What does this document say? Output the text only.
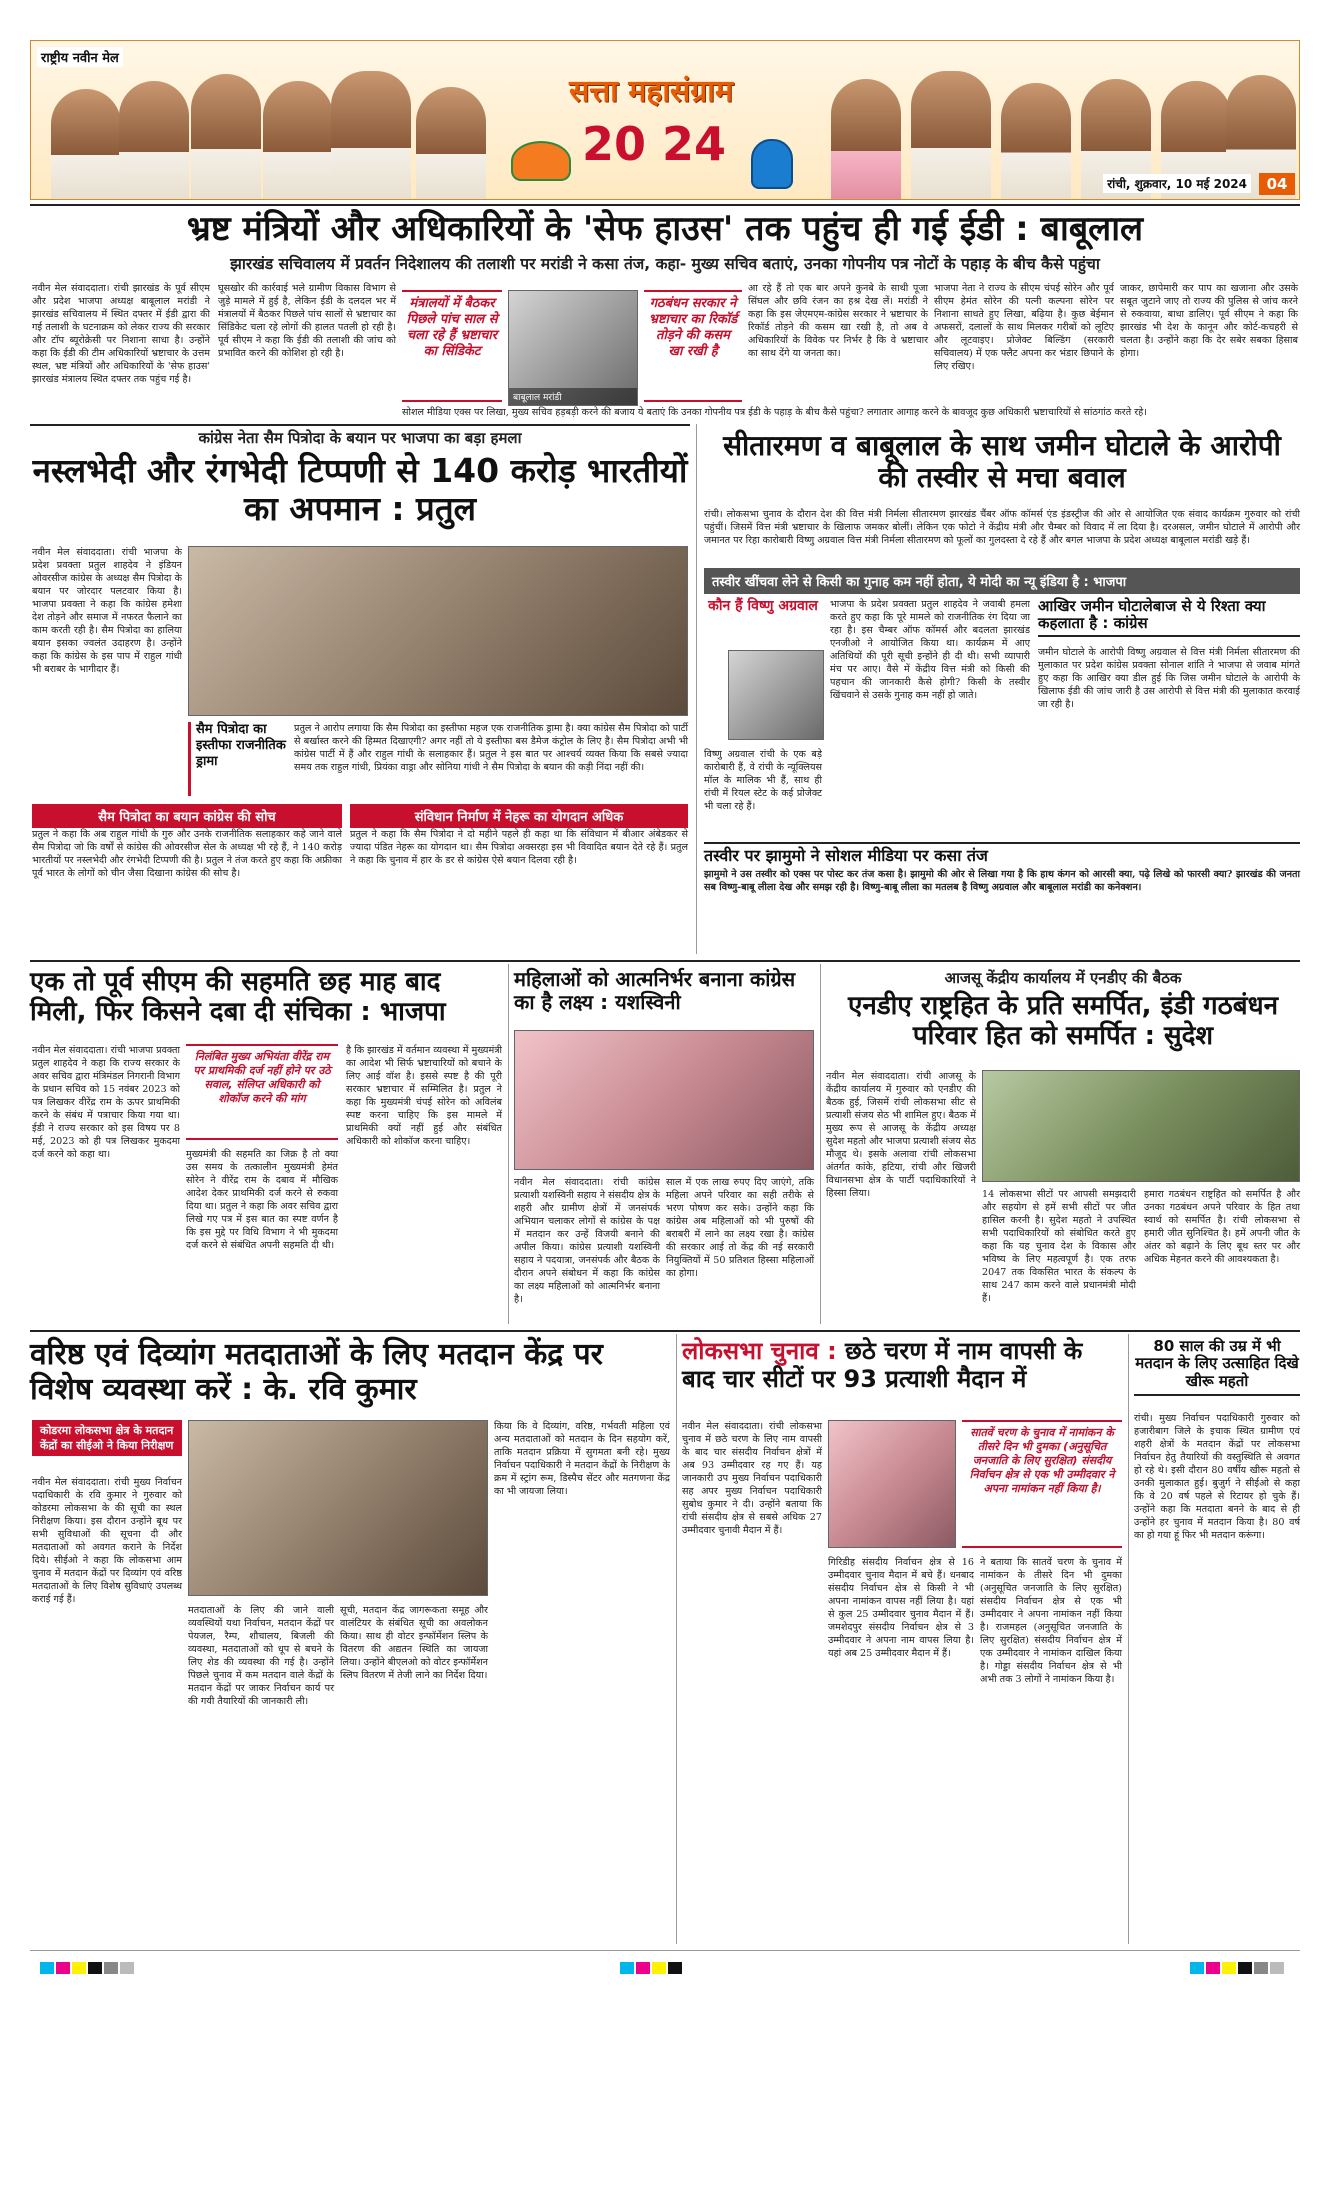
राष्ट्रीय नवीन मेल
सत्ता महासंग्राम
20 24
रांची, शुक्रवार, 10 मई 2024	04
भ्रष्ट मंत्रियों और अधिकारियों के 'सेफ हाउस' तक पहुंच ही गई ईडी : बाबूलाल
झारखंड सचिवालय में प्रवर्तन निदेशालय की तलाशी पर मरांडी ने कसा तंज, कहा- मुख्य सचिव बताएं, उनका गोपनीय पत्र नोटों के पहाड़ के बीच कैसे पहुंचा
नवीन मेल संवाददाता। रांची झारखंड के पूर्व सीएम और प्रदेश भाजपा अध्यक्ष बाबूलाल मरांडी ने झारखंड सचिवालय में स्थित दफ्तर में ईडी द्वारा की गई तलाशी के घटनाक्रम को लेकर राज्य की सरकार और टॉप ब्यूरोक्रेसी पर निशाना साधा है। उन्होंने कहा कि ईडी की टीम अधिकारियों भ्रष्टाचार के उत्तम स्थल, भ्रष्ट मंत्रियों और अधिकारियों के 'सेफ हाउस' झारखंड मंत्रालय स्थित दफ्तर तक पहुंच गई है।
घूसखोर की कार्रवाई भले ग्रामीण विकास विभाग से जुड़े मामले में हुई है, लेकिन ईडी के दलदल भर में मंत्रालयों में बैठकर पिछले पांच सालों से भ्रष्टाचार का सिंडिकेट चला रहे लोगों की हालत पतली हो रही है। पूर्व सीएम ने कहा कि ईडी की तलाशी की जांच को प्रभावित करने की कोशिश हो रही है।
मंत्रालयों में बैठकर पिछले पांच साल से चला रहे हैं भ्रष्टाचार का सिंडिकेट
बाबूलाल मरांडी
गठबंधन सरकार ने भ्रष्टाचार का रिकॉर्ड तोड़ने की कसम खा रखी है
सोशल मीडिया एक्स पर लिखा, मुख्य सचिव हड़बड़ी करने की बजाय ये बताएं कि उनका गोपनीय पत्र ईडी के पहाड़ के बीच कैसे पहुंचा? लगातार आगाह करने के बावजूद कुछ अधिकारी भ्रष्टाचारियों से सांठगांठ करते रहे।
आ रहे हैं तो एक बार अपने कुनबे के साथी पूजा सिंघल और छवि रंजन का हश्र देख लें। मरांडी ने कहा कि इस जेएमएम-कांग्रेस सरकार ने भ्रष्टाचार के रिकॉर्ड तोड़ने की कसम खा रखी है, तो अब वे अधिकारियों के विवेक पर निर्भर है कि वे भ्रष्टाचार का साथ देंगे या जनता का।
भाजपा नेता ने राज्य के सीएम चंपई सोरेन और पूर्व सीएम हेमंत सोरेन की पत्नी कल्पना सोरेन पर निशाना साधते हुए लिखा, बढ़िया है। कुछ बेईमान अफसरों, दलालों के साथ मिलकर गरीबों को लूटिए और लूटवाइए। प्रोजेक्ट बिल्डिंग (सरकारी सचिवालय) में एक फ्लैट अपना कर भंडार छिपाने के लिए रखिए।
जाकर, छापेमारी कर पाप का खजाना और उसके सबूत जुटाने जाए तो राज्य की पुलिस से जांच करने से रुकवाया, बाधा डालिए। पूर्व सीएम ने कहा कि झारखंड भी देश के कानून और कोर्ट-कचहरी से चलता है। उन्होंने कहा कि देर सबेर सबका हिसाब होगा।
कांग्रेस नेता सैम पित्रोदा के बयान पर भाजपा का बड़ा हमला
नस्लभेदी और रंगभेदी टिप्पणी से 140 करोड़ भारतीयों का अपमान : प्रतुल
नवीन मेल संवाददाता। रांची भाजपा के प्रदेश प्रवक्ता प्रतुल शाहदेव ने इंडियन ओवरसीज कांग्रेस के अध्यक्ष सैम पित्रोदा के बयान पर जोरदार पलटवार किया है। भाजपा प्रवक्ता ने कहा कि कांग्रेस हमेशा देश तोड़ने और समाज में नफरत फैलाने का काम करती रही है। सैम पित्रोदा का हालिया बयान इसका ज्वलंत उदाहरण है। उन्होंने कहा कि कांग्रेस के इस पाप में राहुल गांधी भी बराबर के भागीदार हैं।
सैम पित्रोदा का इस्तीफा राजनीतिक ड्रामा
प्रतुल ने आरोप लगाया कि सैम पित्रोदा का इस्तीफा महज एक राजनीतिक ड्रामा है। क्या कांग्रेस सैम पित्रोदा को पार्टी से बर्खास्त करने की हिम्मत दिखाएगी? अगर नहीं तो ये इस्तीफा बस डैमेज कंट्रोल के लिए है। सैम पित्रोदा अभी भी कांग्रेस पार्टी में हैं और राहुल गांधी के सलाहकार हैं। प्रतुल ने इस बात पर आश्चर्य व्यक्त किया कि सबसे ज्यादा समय तक राहुल गांधी, प्रियंका वाड्रा और सोनिया गांधी ने सैम पित्रोदा के बयान की कड़ी निंदा नहीं की।
सैम पित्रोदा का बयान कांग्रेस की सोच
प्रतुल ने कहा कि अब राहुल गांधी के गुरु और उनके राजनीतिक सलाहकार कहे जाने वाले सैम पित्रोदा जो कि वर्षों से कांग्रेस की ओवरसीज सेल के अध्यक्ष भी रहे हैं, ने 140 करोड़ भारतीयों पर नस्लभेदी और रंगभेदी टिप्पणी की है। प्रतुल ने तंज करते हुए कहा कि अफ्रीका पूर्व भारत के लोगों को चीन जैसा दिखाना कांग्रेस की सोच है।
संविधान निर्माण में नेहरू का योगदान अधिक
प्रतुल ने कहा कि सैम पित्रोदा ने दो महीने पहले ही कहा था कि संविधान में बीआर अंबेडकर से ज्यादा पंडित नेहरू का योगदान था। सैम पित्रोदा अक्सरहा इस भी विवादित बयान देते रहे हैं। प्रतुल ने कहा कि चुनाव में हार के डर से कांग्रेस ऐसे बयान दिलवा रही है।
सीतारमण व बाबूलाल के साथ जमीन घोटाले के आरोपी की तस्वीर से मचा बवाल
रांची। लोकसभा चुनाव के दौरान देश की वित्त मंत्री निर्मला सीतारमण झारखंड चैंबर ऑफ कॉमर्स एंड इंडस्ट्रीज की ओर से आयोजित एक संवाद कार्यक्रम गुरुवार को रांची पहुंचीं। जिसमें वित्त मंत्री भ्रष्टाचार के खिलाफ जमकर बोलीं। लेकिन एक फोटो ने केंद्रीय मंत्री और चैम्बर को विवाद में ला दिया है। दरअसल, जमीन घोटाले में आरोपी और जमानत पर रिहा कारोबारी विष्णु अग्रवाल वित्त मंत्री निर्मला सीतारमण को फूलों का गुलदस्ता दे रहे हैं और बगल भाजपा के प्रदेश अध्यक्ष बाबूलाल मरांडी खड़े हैं।
तस्वीर खींचवा लेने से किसी का गुनाह कम नहीं होता, ये मोदी का न्यू इंडिया है : भाजपा
कौन हैं विष्णु अग्रवाल
विष्णु अग्रवाल रांची के एक बड़े कारोबारी हैं, वे रांची के न्यूक्लियस मॉल के मालिक भी हैं, साथ ही रांची में रियल स्टेट के कई प्रोजेक्ट भी चला रहे हैं।
भाजपा के प्रदेश प्रवक्ता प्रतुल शाहदेव ने जवाबी हमला करते हुए कहा कि पूरे मामले को राजनीतिक रंग दिया जा रहा है। इस चैम्बर ऑफ कॉमर्स और बदलता झारखंड एनजीओ ने आयोजित किया था। कार्यक्रम में आए अतिथियों की पूरी सूची इन्होंने ही दी थी। सभी व्यापारी मंच पर आए। वैसे में केंद्रीय वित्त मंत्री को किसी की पहचान की जानकारी कैसे होगी? किसी के तस्वीर खिंचवाने से उसके गुनाह कम नहीं हो जाते।
आखिर जमीन घोटालेबाज से ये रिश्ता क्या कहलाता है : कांग्रेस
जमीन घोटाले के आरोपी विष्णु अग्रवाल से वित्त मंत्री निर्मला सीतारमण की मुलाकात पर प्रदेश कांग्रेस प्रवक्ता सोनाल शांति ने भाजपा से जवाब मांगते हुए कहा कि आखिर क्या डील हुई कि जिस जमीन घोटाले के आरोपी के खिलाफ ईडी की जांच जारी है उस आरोपी से वित्त मंत्री की मुलाकात करवाई जा रही है।
तस्वीर पर झामुमो ने सोशल मीडिया पर कसा तंज
झामुमो ने उस तस्वीर को एक्स पर पोस्ट कर तंज कसा है। झामुमो की ओर से लिखा गया है कि हाथ कंगन को आरसी क्या, पढ़े लिखे को फारसी क्या? झारखंड की जनता सब विष्णु-बाबू लीला देख और समझ रही है। विष्णु-बाबू लीला का मतलब है विष्णु अग्रवाल और बाबूलाल मरांडी का कनेक्शन।
एक तो पूर्व सीएम की सहमति छह माह बाद मिली, फिर किसने दबा दी संचिका : भाजपा
नवीन मेल संवाददाता। रांची भाजपा प्रवक्ता प्रतुल शाहदेव ने कहा कि राज्य सरकार के अवर सचिव द्वारा मंत्रिमंडल निगरानी विभाग के प्रधान सचिव को 15 नवंबर 2023 को पत्र लिखकर वीरेंद्र राम के ऊपर प्राथमिकी करने के संबंध में पत्राचार किया गया था। ईडी ने राज्य सरकार को इस विषय पर 8 मई, 2023 को ही पत्र लिखकर मुकदमा दर्ज करने को कहा था।
निलंबित मुख्य अभियंता वीरेंद्र राम पर प्राथमिकी दर्ज नहीं होने पर उठे सवाल, संलिप्त अधिकारी को शोकॉज करने की मांग
मुख्यमंत्री की सहमति का जिक्र है तो क्या उस समय के तत्कालीन मुख्यमंत्री हेमंत सोरेन ने वीरेंद्र राम के दबाव में मौखिक आदेश देकर प्राथमिकी दर्ज करने से रुकवा दिया था। प्रतुल ने कहा कि अवर सचिव द्वारा लिखे गए पत्र में इस बात का स्पष्ट वर्णन है कि इस मुद्दे पर विधि विभाग ने भी मुकदमा दर्ज करने से संबंधित अपनी सहमति दी थी।
है कि झारखंड में वर्तमान व्यवस्था में मुख्यमंत्री का आदेश भी सिर्फ भ्रष्टाचारियों को बचाने के लिए आई वॉश है। इससे स्पष्ट है की पूरी सरकार भ्रष्टाचार में सम्मिलित है। प्रतुल ने कहा कि मुख्यमंत्री चंपई सोरेन को अविलंब स्पष्ट करना चाहिए कि इस मामले में प्राथमिकी क्यों नहीं हुई और संबंधित अधिकारी को शोकॉज करना चाहिए।
महिलाओं को आत्मनिर्भर बनाना कांग्रेस का है लक्ष्य : यशस्विनी
नवीन मेल संवाददाता। रांची कांग्रेस प्रत्याशी यशस्विनी सहाय ने संसदीय क्षेत्र के शहरी और ग्रामीण क्षेत्रों में जनसंपर्क अभियान चलाकर लोगों से कांग्रेस के पक्ष में मतदान कर उन्हें विजयी बनाने की अपील किया। कांग्रेस प्रत्याशी यशस्विनी सहाय ने पदयात्रा, जनसंपर्क और बैठक के दौरान अपने संबोधन में कहा कि कांग्रेस का लक्ष्य महिलाओं को आत्मनिर्भर बनाना है।
साल में एक लाख रुपए दिए जाएंगे, तकि महिला अपने परिवार का सही तरीके से भरण पोषण कर सके। उन्होंने कहा कि कांग्रेस अब महिलाओं को भी पुरुषों की बराबरी में लाने का लक्ष्य रखा है। कांग्रेस की सरकार आई तो केंद्र की नई सरकारी नियुक्तियों में 50 प्रतिशत हिस्सा महिलाओं का होगा।
आजसू केंद्रीय कार्यालय में एनडीए की बैठक
एनडीए राष्ट्रहित के प्रति समर्पित, इंडी गठबंधन परिवार हित को समर्पित : सुदेश
नवीन मेल संवाददाता। रांची आजसू के केंद्रीय कार्यालय में गुरुवार को एनडीए की बैठक हुई, जिसमें रांची लोकसभा सीट से प्रत्याशी संजय सेठ भी शामिल हुए। बैठक में मुख्य रूप से आजसू के केंद्रीय अध्यक्ष सुदेश महतो और भाजपा प्रत्याशी संजय सेठ मौजूद थे। इसके अलावा रांची लोकसभा अंतर्गत कांके, हटिया, रांची और खिजरी विधानसभा क्षेत्र के पार्टी पदाधिकारियों ने हिस्सा लिया।	14 लोकसभा सीटों पर आपसी समझदारी और सहयोग से हमें सभी सीटों पर जीत हासिल करनी है। सुदेश महतो ने उपस्थित सभी पदाधिकारियों को संबोधित करते हुए कहा कि यह चुनाव देश के विकास और भविष्य के लिए महत्वपूर्ण है। एक तरफ 2047 तक विकसित भारत के संकल्प के साथ 247 काम करने वाले प्रधानमंत्री मोदी हैं।
हमारा गठबंधन राष्ट्रहित को समर्पित है और उनका गठबंधन अपने परिवार के हित तथा स्वार्थ को समर्पित है। रांची लोकसभा से हमारी जीत सुनिश्चित है। हमें अपनी जीत के अंतर को बढ़ाने के लिए बूथ स्तर पर और अधिक मेहनत करने की आवश्यकता है।
वरिष्ठ एवं दिव्यांग मतदाताओं के लिए मतदान केंद्र पर विशेष व्यवस्था करें : के. रवि कुमार
कोडरमा लोकसभा क्षेत्र के मतदान केंद्रों का सीईओ ने किया निरीक्षण
नवीन मेल संवाददाता। रांची मुख्य निर्वाचन पदाधिकारी के रवि कुमार ने गुरुवार को कोडरमा लोकसभा के की सूची का स्थल निरीक्षण किया। इस दौरान उन्होंने बूथ पर सभी सुविधाओं की सूचना दी और मतदाताओं को अवगत कराने के निर्देश दिये। सीईओ ने कहा कि लोकसभा आम चुनाव में मतदान केंद्रों पर दिव्यांग एवं वरिष्ठ मतदाताओं के लिए विशेष सुविधाएं उपलब्ध कराई गई हैं।
मतदाताओं के लिए की जाने वाली व्यवस्थियों यथा निर्वाचन, मतदान केंद्रों पर पेयजल, रैम्प, शौचालय, बिजली की व्यवस्था, मतदाताओं को धूप से बचने के लिए शेड की व्यवस्था की गई है। उन्होंने पिछले चुनाव में कम मतदान वाले केंद्रों के मतदान केंद्रों पर जाकर निर्वाचन कार्य पर की गयी तैयारियों की जानकारी ली।
सूची, मतदान केंद्र जागरूकता समूह और वालंटियर के संबंधित सूची का अवलोकन किया। साथ ही वोटर इन्फॉर्मेशन स्लिप के वितरण की अद्यतन स्थिति का जायजा लिया। उन्होंने बीएलओ को वोटर इन्फॉर्मेशन स्लिप वितरण में तेजी लाने का निर्देश दिया।
किया कि वे दिव्यांग, वरिष्ठ, गर्भवती महिला एवं अन्य मतदाताओं को मतदान के दिन सहयोग करें, ताकि मतदान प्रक्रिया में सुगमता बनी रहे। मुख्य निर्वाचन पदाधिकारी ने मतदान केंद्रों के निरीक्षण के क्रम में स्ट्रांग रूम, डिस्पैच सेंटर और मतगणना केंद्र का भी जायजा लिया।
लोकसभा चुनाव : छठे चरण में नाम वापसी के बाद चार सीटों पर 93 प्रत्याशी मैदान में
नवीन मेल संवाददाता। रांची लोकसभा चुनाव में छठे चरण के लिए नाम वापसी के बाद चार संसदीय निर्वाचन क्षेत्रों में अब 93 उम्मीदवार रह गए हैं। यह जानकारी उप मुख्य निर्वाचन पदाधिकारी सह अपर मुख्य निर्वाचन पदाधिकारी सुबोध कुमार ने दी। उन्होंने बताया कि रांची संसदीय क्षेत्र से सबसे अधिक 27 उम्मीदवार चुनावी मैदान में हैं।
सातवें चरण के चुनाव में नामांकन के तीसरे दिन भी दुमका (अनुसूचित जनजाति के लिए सुरक्षित) संसदीय निर्वाचन क्षेत्र से एक भी उम्मीदवार ने अपना नामांकन नहीं किया है।
गिरिडीह संसदीय निर्वाचन क्षेत्र से 16 उम्मीदवार चुनाव मैदान में बचे हैं। धनबाद संसदीय निर्वाचन क्षेत्र से किसी ने भी अपना नामांकन वापस नहीं लिया है। यहां से कुल 25 उम्मीदवार चुनाव मैदान में हैं। जमशेदपुर संसदीय निर्वाचन क्षेत्र से 3 उम्मीदवार ने अपना नाम वापस लिया है। यहां अब 25 उम्मीदवार मैदान में हैं।
ने बताया कि सातवें चरण के चुनाव में नामांकन के तीसरे दिन भी दुमका (अनुसूचित जनजाति के लिए सुरक्षित) संसदीय निर्वाचन क्षेत्र से एक भी उम्मीदवार ने अपना नामांकन नहीं किया है। राजमहल (अनुसूचित जनजाति के लिए सुरक्षित) संसदीय निर्वाचन क्षेत्र में एक उम्मीदवार ने नामांकन दाखिल किया है। गोड्डा संसदीय निर्वाचन क्षेत्र से भी अभी तक 3 लोगों ने नामांकन किया है।
80 साल की उम्र में भी मतदान के लिए उत्साहित दिखे खीरू महतो
रांची। मुख्य निर्वाचन पदाधिकारी गुरुवार को हजारीबाग जिले के इचाक स्थित ग्रामीण एवं शहरी क्षेत्रों के मतदान केंद्रों पर लोकसभा निर्वाचन हेतु तैयारियों की वस्तुस्थिति से अवगत हो रहे थे। इसी दौरान 80 वर्षीय खीरू महतो से उनकी मुलाकात हुई। बुजुर्ग ने सीईओ से कहा कि वे 20 वर्ष पहले से रिटायर हो चुके हैं। उन्होंने कहा कि मतदाता बनने के बाद से ही उन्होंने हर चुनाव में मतदान किया है। 80 वर्ष का हो गया हूं फिर भी मतदान करूंगा।
